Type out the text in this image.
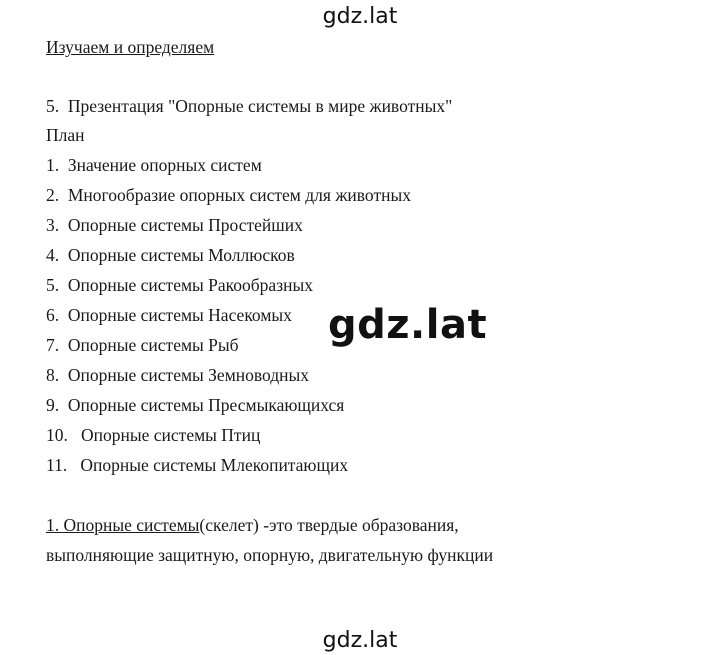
gdz.lat
Изучаем и определяем
5. Презентация "Опорные системы в мире животных"
План
1. Значение опорных систем
2. Многообразие опорных систем для животных
3. Опорные системы Простейших
4. Опорные системы Моллюсков
5. Опорные системы Ракообразных
6. Опорные системы Насекомых
7. Опорные системы Рыб
8. Опорные системы Земноводных
9. Опорные системы Пресмыкающихся
10. Опорные системы Птиц
11. Опорные системы Млекопитающих
1. Опорные системы(скелет) -это твердые образования,
выполняющие защитную, опорную, двигательную функции
gdz.lat
gdz.lat
